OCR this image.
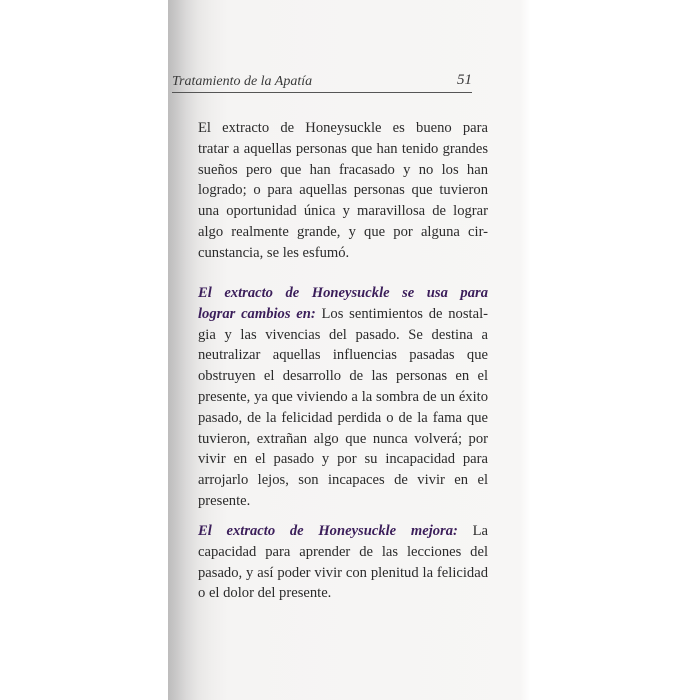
Tratamiento de la Apatía	51
El extracto de Honeysuckle es bueno para
tratar a aquellas personas que han tenido grandes
sueños pero que han fracasado y no los han
logrado; o para aquellas personas que tuvieron
una oportunidad única y maravillosa de lograr
algo realmente grande, y que por alguna cir-
cunstancia, se les esfumó.
El extracto de Honeysuckle se usa para
lograr cambios en: Los sentimientos de nostal-
gia y las vivencias del pasado. Se destina a
neutralizar aquellas influencias pasadas que
obstruyen el desarrollo de las personas en el
presente, ya que viviendo a la sombra de un éxito
pasado, de la felicidad perdida o de la fama que
tuvieron, extrañan algo que nunca volverá; por
vivir en el pasado y por su incapacidad para
arrojarlo lejos, son incapaces de vivir en el
presente.
El extracto de Honeysuckle mejora: La
capacidad para aprender de las lecciones del
pasado, y así poder vivir con plenitud la felicidad
o el dolor del presente.
